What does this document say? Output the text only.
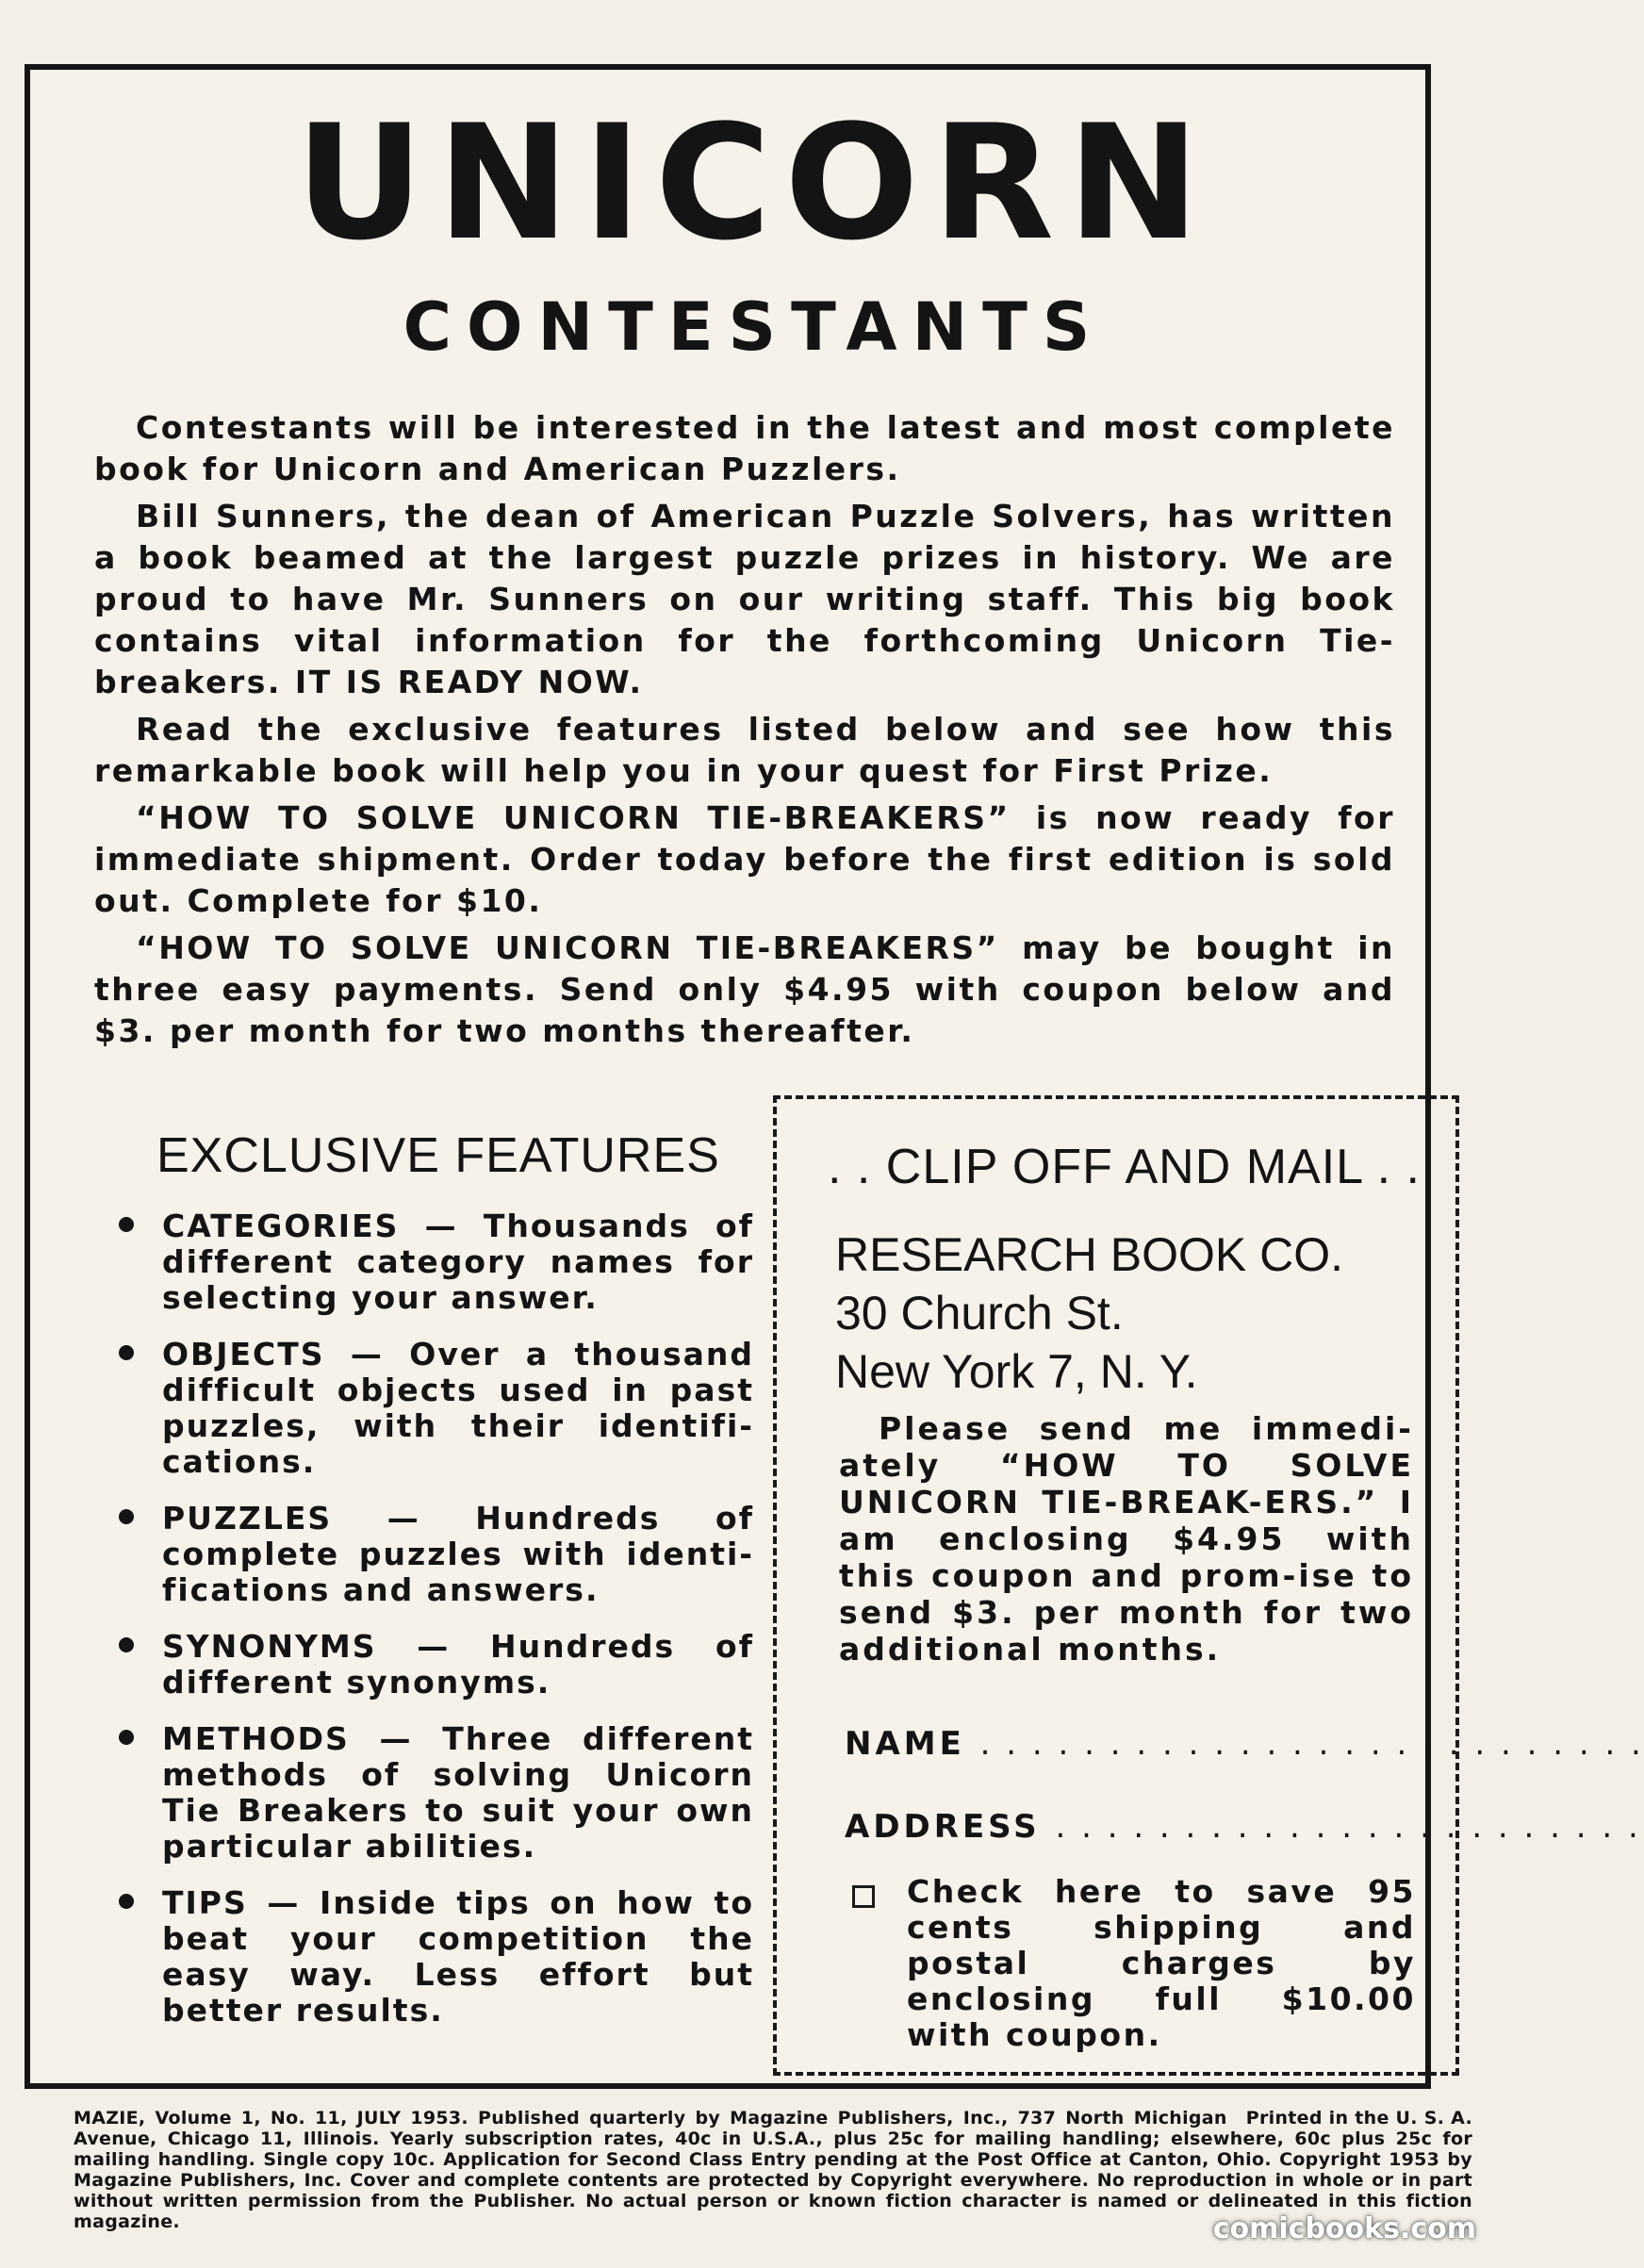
UNICORN
CONTESTANTS

Contestants will be interested in the latest and most complete book for Unicorn and American Puzzlers.

Bill Sunners, the dean of American Puzzle Solvers, has written a book beamed at the largest puzzle prizes in history. We are proud to have Mr. Sunners on our writing staff. This big book contains vital information for the forthcoming Unicorn Tie-breakers. IT IS READY NOW.

Read the exclusive features listed below and see how this remarkable book will help you in your quest for First Prize.

“HOW TO SOLVE UNICORN TIE-BREAKERS” is now ready for immediate shipment. Order today before the first edition is sold out. Complete for $10.

“HOW TO SOLVE UNICORN TIE-BREAKERS” may be bought in three easy payments. Send only $4.95 with coupon below and $3. per month for two months thereafter.

EXCLUSIVE FEATURES
CATEGORIES — Thousands of different category names for selecting your answer.
OBJECTS — Over a thousand difficult objects used in past puzzles, with their identifi-cations.
PUZZLES — Hundreds of complete puzzles with identi-fications and answers.
SYNONYMS — Hundreds of different synonyms.
METHODS — Three different methods of solving Unicorn Tie Breakers to suit your own particular abilities.
TIPS — Inside tips on how to beat your competition the easy way. Less effort but better results.
. . CLIP OFF AND MAIL . .
RESEARCH BOOK CO.
30 Church St.
New York 7, N. Y.
Please send me immedi-ately “HOW TO SOLVE UNICORN TIE-BREAK-ERS.” I am enclosing $4.95 with this coupon and prom-ise to send $3. per month for two additional months.
NAME . . . . . . . . . . . . . . . . . . . . . . . . . .
ADDRESS . . . . . . . . . . . . . . . . . . . . . . .
Check here to save 95 cents shipping and postal charges by enclosing full $10.00 with coupon.
Printed in the U. S. A.
MAZIE, Volume 1, No. 11, JULY 1953. Published quarterly by Magazine Publishers, Inc., 737 North Michigan Avenue, Chicago 11, Illinois. Yearly subscription rates, 40c in U.S.A., plus 25c for mailing handling; elsewhere, 60c plus 25c for mailing handling. Single copy 10c. Application for Second Class Entry pending at the Post Office at Canton, Ohio. Copyright 1953 by Magazine Publishers, Inc. Cover and complete contents are protected by Copyright everywhere. No reproduction in whole or in part without written permission from the Publisher. No actual person or known fiction character is named or delineated in this fiction magazine.	comicbooks.com
